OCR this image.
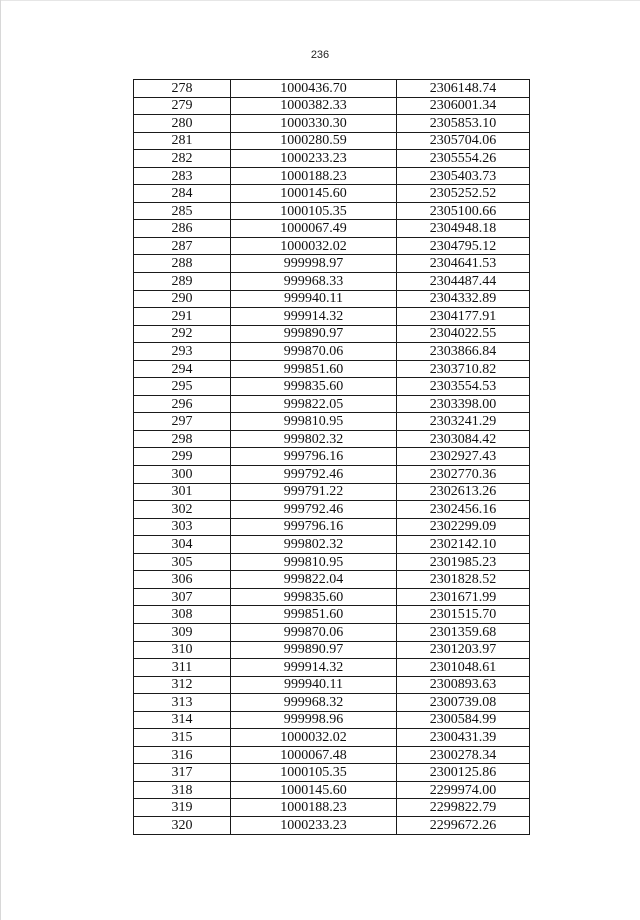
236
278	1000436.70	2306148.74
279	1000382.33	2306001.34
280	1000330.30	2305853.10
281	1000280.59	2305704.06
282	1000233.23	2305554.26
283	1000188.23	2305403.73
284	1000145.60	2305252.52
285	1000105.35	2305100.66
286	1000067.49	2304948.18
287	1000032.02	2304795.12
288	999998.97	2304641.53
289	999968.33	2304487.44
290	999940.11	2304332.89
291	999914.32	2304177.91
292	999890.97	2304022.55
293	999870.06	2303866.84
294	999851.60	2303710.82
295	999835.60	2303554.53
296	999822.05	2303398.00
297	999810.95	2303241.29
298	999802.32	2303084.42
299	999796.16	2302927.43
300	999792.46	2302770.36
301	999791.22	2302613.26
302	999792.46	2302456.16
303	999796.16	2302299.09
304	999802.32	2302142.10
305	999810.95	2301985.23
306	999822.04	2301828.52
307	999835.60	2301671.99
308	999851.60	2301515.70
309	999870.06	2301359.68
310	999890.97	2301203.97
311	999914.32	2301048.61
312	999940.11	2300893.63
313	999968.32	2300739.08
314	999998.96	2300584.99
315	1000032.02	2300431.39
316	1000067.48	2300278.34
317	1000105.35	2300125.86
318	1000145.60	2299974.00
319	1000188.23	2299822.79
320	1000233.23	2299672.26
